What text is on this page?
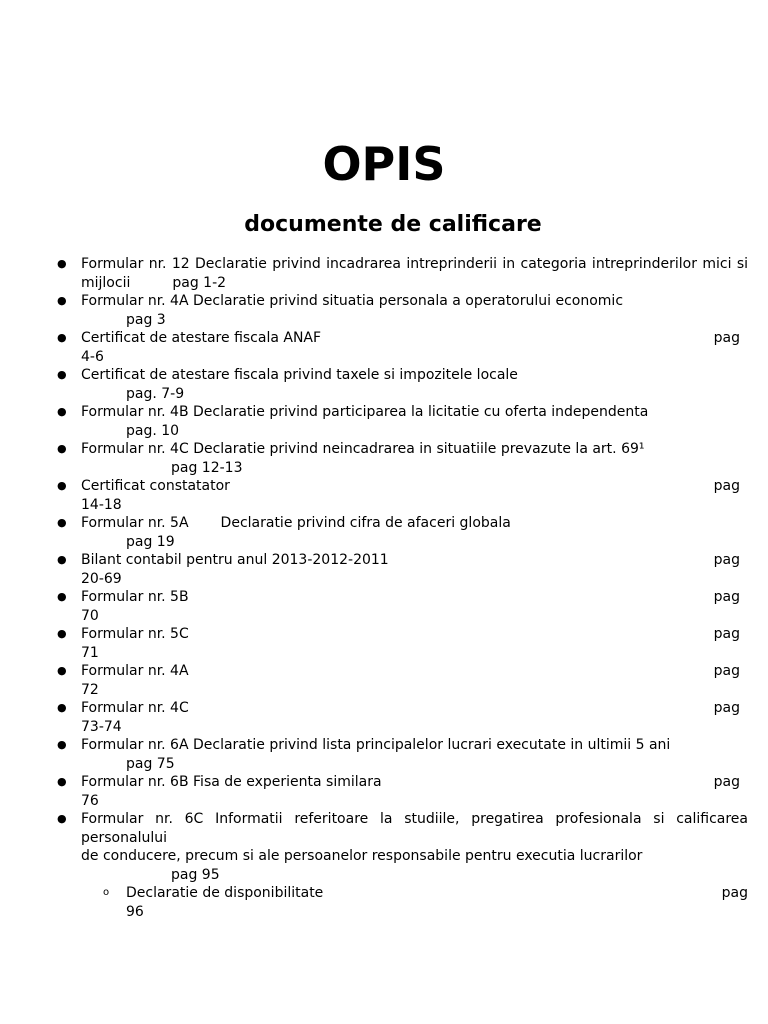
OPIS
documente de calificare
●	Formular nr. 12 Declaratie privind incadrarea intreprinderii in categoria intreprinderilor mici si
mijlocii	pag 1-2
●	Formular nr. 4A Declaratie privind situatia personala a operatorului economic
pag 3
● Certificat de atestare fiscala ANAF	pag
4-6
●	Certificat de atestare fiscala privind taxele si impozitele locale
pag. 7-9
●	Formular nr. 4B Declaratie privind participarea la licitatie cu oferta independenta
pag. 10
●	Formular nr. 4C Declaratie privind neincadrarea in situatiile prevazute la art. 69¹
pag 12-13
● Certificat constatator	pag
14-18
●	Formular nr. 5A Declaratie privind cifra de afaceri globala
pag 19
● Bilant contabil pentru anul 2013-2012-2011	pag
20-69
● Formular nr. 5B	pag
70
● Formular nr. 5C	pag
71
● Formular nr. 4A	pag
72
● Formular nr. 4C	pag
73-74
●	Formular nr. 6A Declaratie privind lista principalelor lucrari executate in ultimii 5 ani
pag 75
● Formular nr. 6B Fisa de experienta similara	pag
76
●	Formular nr. 6C Informatii referitoare la studiile, pregatirea profesionala si calificarea
personalului
de conducere, precum si ale persoanelor responsabile pentru executia lucrarilor
pag 95
o Declaratie de disponibilitate	pag
96
